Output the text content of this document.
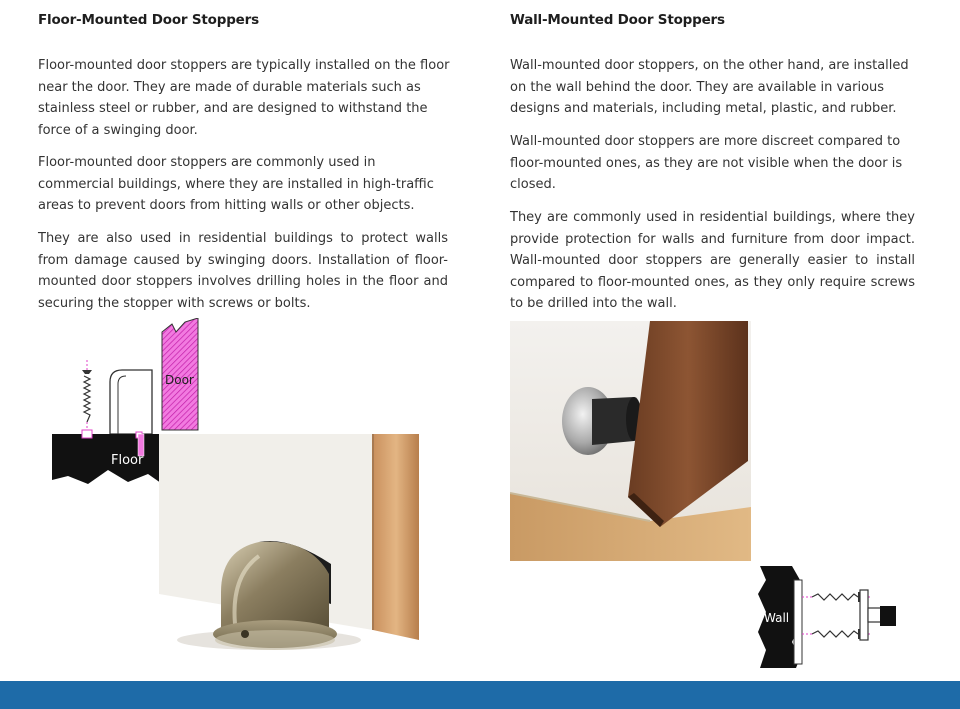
Floor-Mounted Door Stoppers

Floor-mounted door stoppers are typically installed on the floor near the door. They are made of durable materials such as stainless steel or rubber, and are designed to withstand the force of a swinging door.

Floor-mounted door stoppers are commonly used in commercial buildings, where they are installed in high-traffic areas to prevent doors from hitting walls or other objects.

They are also used in residential buildings to protect walls from damage caused by swinging doors. Installation of floor-mounted door stoppers involves drilling holes in the floor and securing the stopper with screws or bolts.

Wall-Mounted Door Stoppers

Wall-mounted door stoppers, on the other hand, are installed on the wall behind the door. They are available in various designs and materials, including metal, plastic, and rubber.

Wall-mounted door stoppers are more discreet compared to floor-mounted ones, as they are not visible when the door is closed.

They are commonly used in residential buildings, where they provide protection for walls and furniture from door impact. Wall-mounted door stoppers are generally easier to install compared to floor-mounted ones, as they only require screws to be drilled into the wall.

Door
Floor
Wall
